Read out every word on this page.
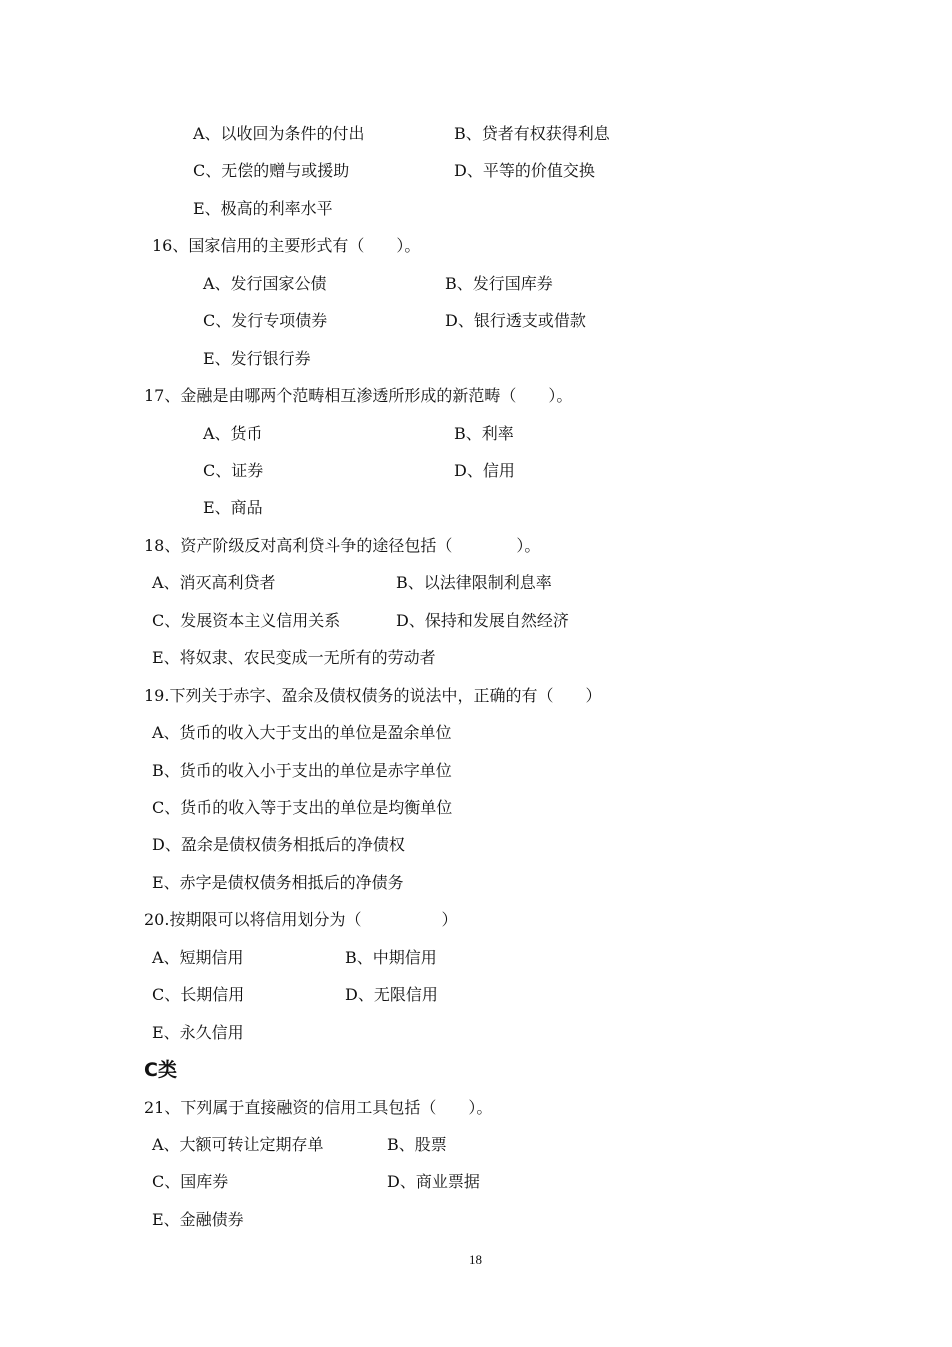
A、以收回为条件的付出	B、贷者有权获得利息
C、无偿的赠与或援助	D、平等的价值交换
E、极高的利率水平
16、国家信用的主要形式有（　　）。
A、发行国家公债	B、发行国库券
C、发行专项债券	D、银行透支或借款
E、发行银行券
17、金融是由哪两个范畴相互渗透所形成的新范畴（　　）。
A、货币	B、利率
C、证券	D、信用
E、商品
18、资产阶级反对高利贷斗争的途径包括（　　　　）。
A、消灭高利贷者	B、以法律限制利息率
C、发展资本主义信用关系	D、保持和发展自然经济
E、将奴隶、农民变成一无所有的劳动者
19.下列关于赤字、盈余及债权债务的说法中，正确的有（　　）
A、货币的收入大于支出的单位是盈余单位
B、货币的收入小于支出的单位是赤字单位
C、货币的收入等于支出的单位是均衡单位
D、盈余是债权债务相抵后的净债权
E、赤字是债权债务相抵后的净债务
20.按期限可以将信用划分为（　　　　　）
A、短期信用	B、中期信用
C、长期信用	D、无限信用
E、永久信用
C类
21、下列属于直接融资的信用工具包括（　　）。
A、大额可转让定期存单	B、股票
C、国库券	D、商业票据
E、金融债券
18
